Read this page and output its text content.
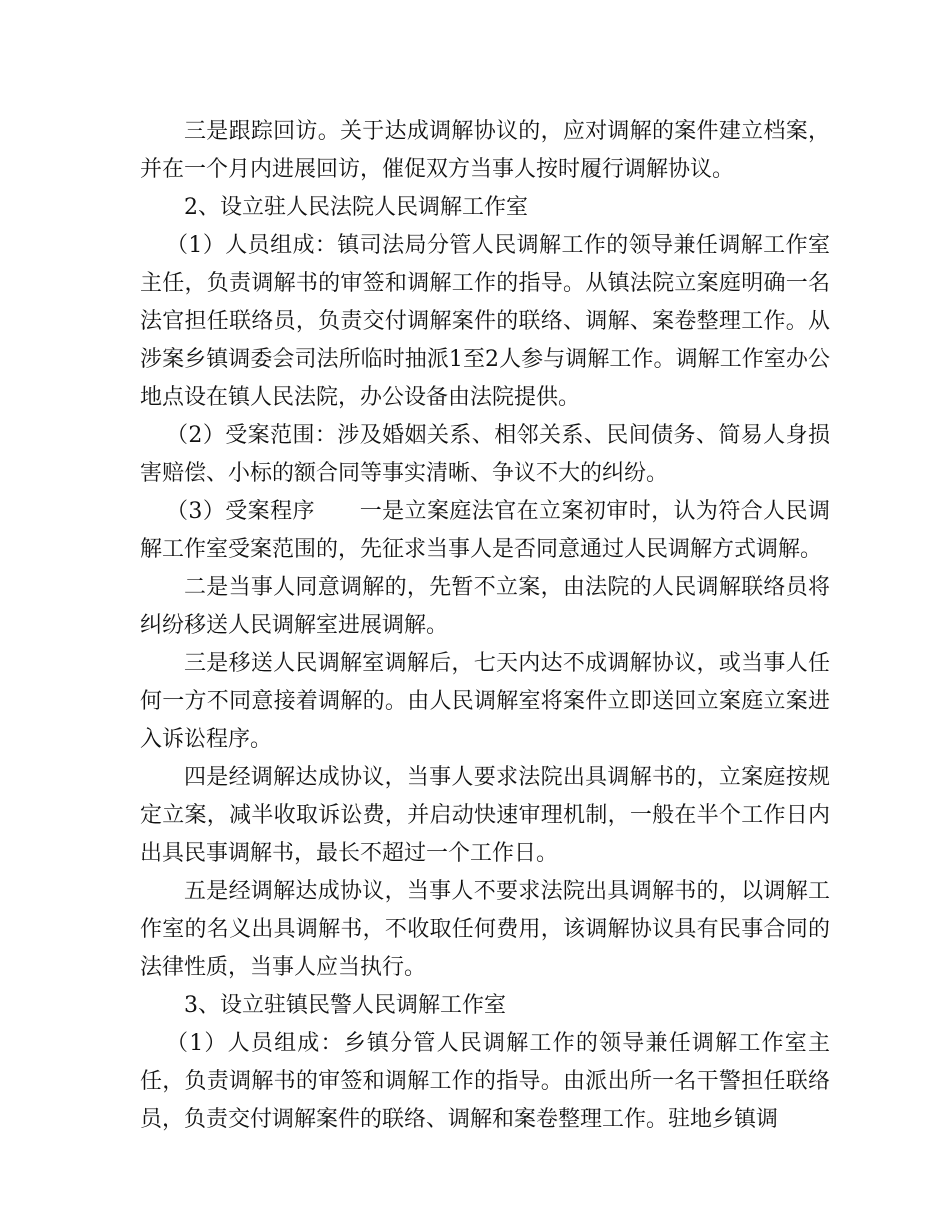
三是跟踪回访。关于达成调解协议的，应对调解的案件建立档案，并在一个月内进展回访，催促双方当事人按时履行调解协议。

2、设立驻人民法院人民调解工作室

（1）人员组成：镇司法局分管人民调解工作的领导兼任调解工作室主任，负责调解书的审签和调解工作的指导。从镇法院立案庭明确一名法官担任联络员，负责交付调解案件的联络、调解、案卷整理工作。从涉案乡镇调委会司法所临时抽派1至2人参与调解工作。调解工作室办公地点设在镇人民法院，办公设备由法院提供。

（2）受案范围：涉及婚姻关系、相邻关系、民间债务、简易人身损害赔偿、小标的额合同等事实清晰、争议不大的纠纷。

（3）受案程序　　一是立案庭法官在立案初审时，认为符合人民调解工作室受案范围的，先征求当事人是否同意通过人民调解方式调解。

二是当事人同意调解的，先暂不立案，由法院的人民调解联络员将纠纷移送人民调解室进展调解。

三是移送人民调解室调解后，七天内达不成调解协议，或当事人任何一方不同意接着调解的。由人民调解室将案件立即送回立案庭立案进入诉讼程序。

四是经调解达成协议，当事人要求法院出具调解书的，立案庭按规定立案，减半收取诉讼费，并启动快速审理机制，一般在半个工作日内出具民事调解书，最长不超过一个工作日。

五是经调解达成协议，当事人不要求法院出具调解书的，以调解工作室的名义出具调解书，不收取任何费用，该调解协议具有民事合同的法律性质，当事人应当执行。

3、设立驻镇民警人民调解工作室

（1）人员组成：乡镇分管人民调解工作的领导兼任调解工作室主任，负责调解书的审签和调解工作的指导。由派出所一名干警担任联络员，负责交付调解案件的联络、调解和案卷整理工作。驻地乡镇调
